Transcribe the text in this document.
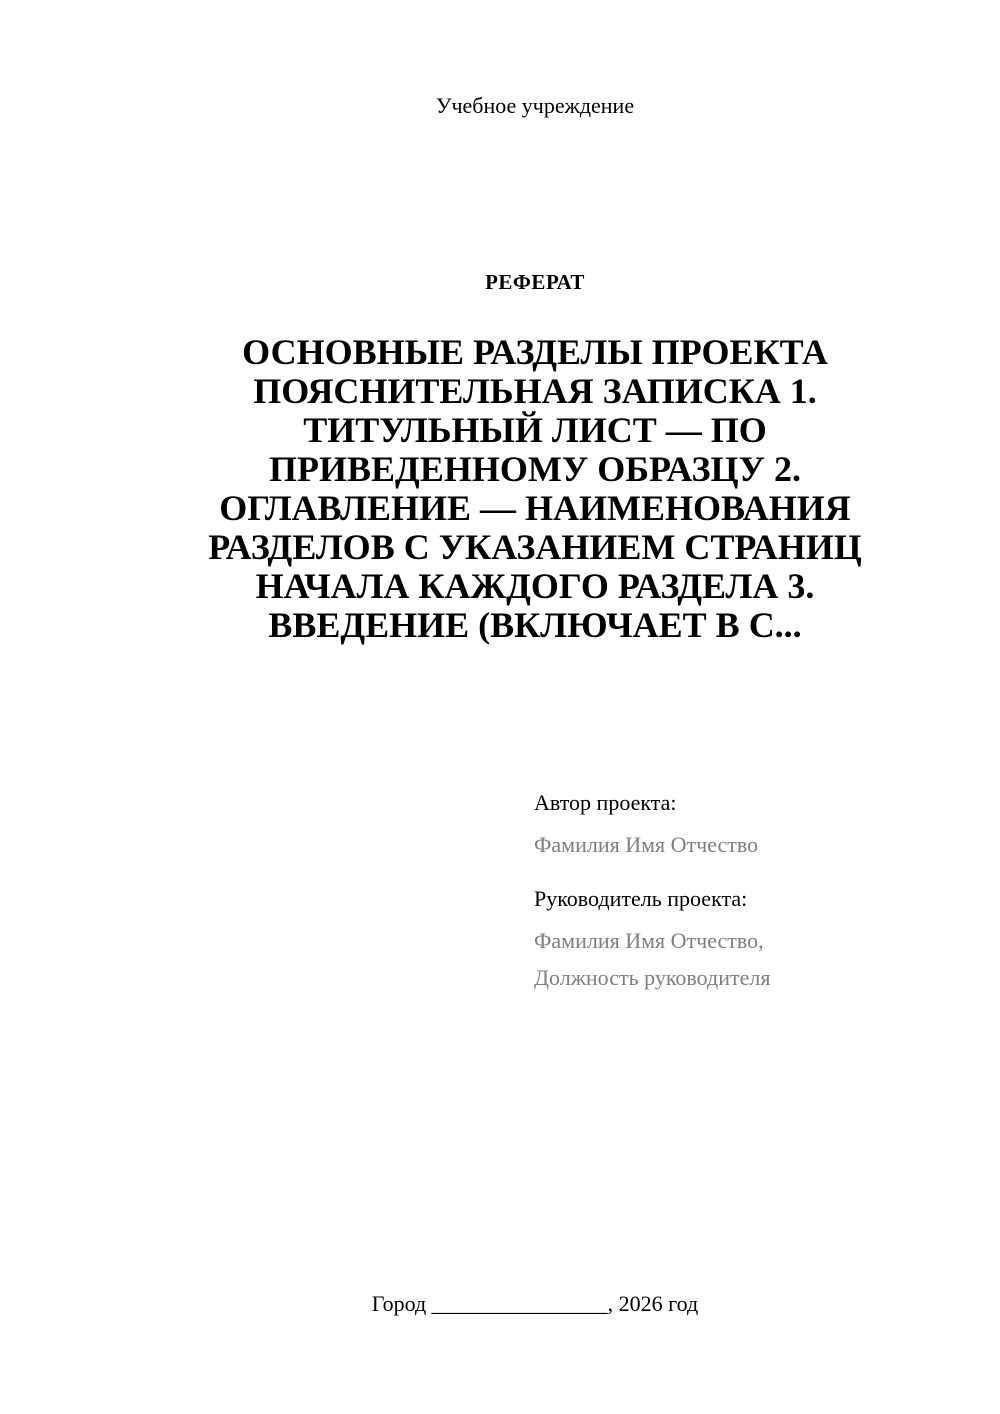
Учебное учреждение
РЕФЕРАТ
ОСНОВНЫЕ РАЗДЕЛЫ ПРОЕКТА ПОЯСНИТЕЛЬНАЯ ЗАПИСКА 1. ТИТУЛЬНЫЙ ЛИСТ — ПО ПРИВЕДЕННОМУ ОБРАЗЦУ 2. ОГЛАВЛЕНИЕ — НАИМЕНОВАНИЯ РАЗДЕЛОВ С УКАЗАНИЕМ СТРАНИЦ НАЧАЛА КАЖДОГО РАЗДЕЛА 3. ВВЕДЕНИЕ (ВКЛЮЧАЕТ В С...
Автор проекта:
Фамилия Имя Отчество
Руководитель проекта:
Фамилия Имя Отчество,
Должность руководителя
Город ________________, 2026 год
